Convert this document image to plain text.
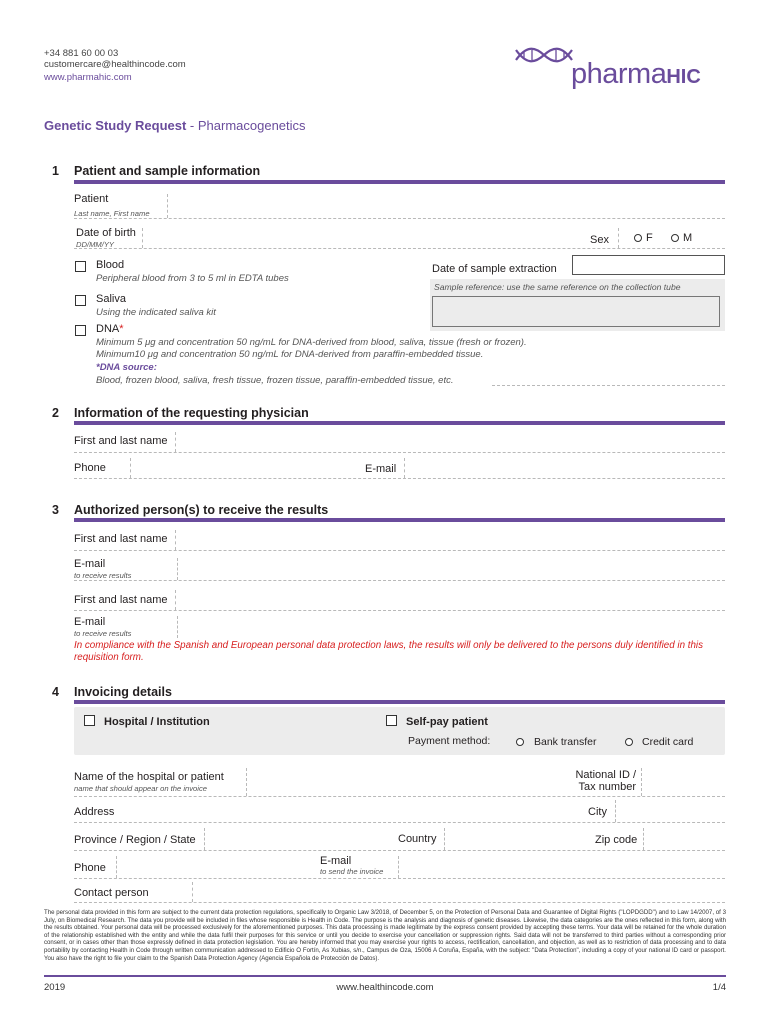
+34 881 60 00 03
customercare@healthincode.com
www.pharmahic.com	pharmaHIC
Genetic Study Request - Pharmacogenetics
1 Patient and sample information
Patient
Last name, First name
Date of birth
DD/MM/YY	Sex	F	M
Blood
Peripheral blood from 3 to 5 ml in EDTA tubes
Saliva
Using the indicated saliva kit
DNA*
Minimum 5 μg and concentration 50 ng/mL for DNA-derived from blood, saliva, tissue (fresh or frozen).
Minimum10 μg and concentration 50 ng/mL for DNA-derived from paraffin-embedded tissue.
*DNA source:
Blood, frozen blood, saliva, fresh tissue, frozen tissue, paraffin-embedded tissue, etc.
Date of sample extraction
Sample reference: use the same reference on the collection tube
2 Information of the requesting physician
First and last name
Phone	E-mail
3 Authorized person(s) to receive the results
First and last name
E-mail
to receive results
First and last name
E-mail
to receive results
In compliance with the Spanish and European personal data protection laws, the results will only be delivered to the persons duly identified in this requisition form.
4 Invoicing details
Hospital / Institution	Self-pay patient
Payment method:	Bank transfer	Credit card
Name of the hospital or patient
name that should appear on the invoice
National ID /
Tax number
Address	City
Province / Region / State	Country	Zip code
Phone
E-mail
to send the invoice
Contact person
The personal data provided in this form are subject to the current data protection regulations, specifically to Organic Law 3/2018, of December 5, on the Protection of Personal Data and Guarantee of Digital Rights ("LOPDGDD") and to Law 14/2007, of 3 July, on Biomedical Research. The data you provide will be included in files whose responsible is Health in Code. The purpose is the analysis and diagnosis of genetic diseases. Likewise, the data categories are the ones reflected in this form, along with the results obtained. Your personal data will be processed exclusively for the aforementioned purposes. This data processing is made legitimate by the express consent provided by accepting these terms. Your data will be retained for the whole duration of the relationship established with the entity and while the data fulfil their purposes for this service or until you decide to exercise your cancellation or suppression rights. Said data will not be transferred to third parties without a corresponding prior consent, or in cases other than those expressly defined in data protection legislation. You are hereby informed that you may exercise your rights to access, rectification, cancellation, and objection, as well as to restriction of data processing and to data portability by contacting Health in Code through written communication addressed to Edificio O Fortín, As Xubias, s/n., Campus de Oza, 15006 A Coruña, España, with the subject: "Data Protection", including a copy of your national ID card or passport. You also have the right to file your claim to the Spanish Data Protection Agency (Agencia Española de Protección de Datos).
2019	www.healthincode.com	1/4
